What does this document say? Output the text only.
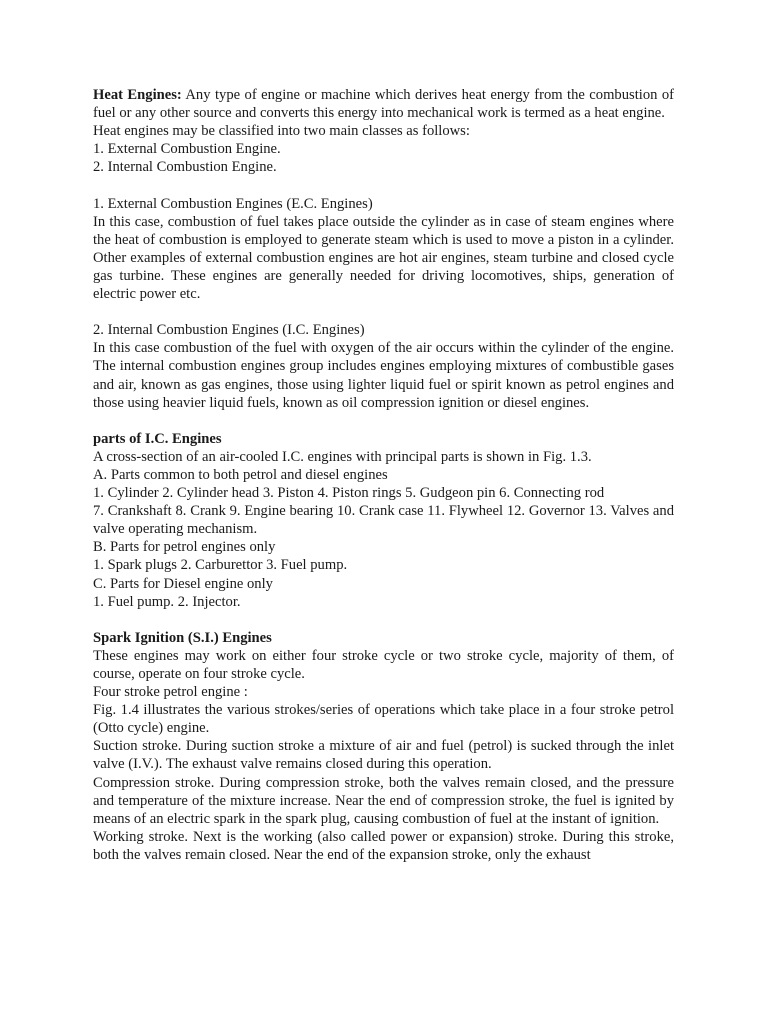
Heat Engines: Any type of engine or machine which derives heat energy from the combustion of fuel or any other source and converts this energy into mechanical work is termed as a heat engine.

Heat engines may be classified into two main classes as follows:

1. External Combustion Engine.

2. Internal Combustion Engine.

1. External Combustion Engines (E.C. Engines)

In this case, combustion of fuel takes place outside the cylinder as in case of steam engines where the heat of combustion is employed to generate steam which is used to move a piston in a cylinder. Other examples of external combustion engines are hot air engines, steam turbine and closed cycle gas turbine. These engines are generally needed for driving locomotives, ships, generation of electric power etc.

2. Internal Combustion Engines (I.C. Engines)

In this case combustion of the fuel with oxygen of the air occurs within the cylinder of the engine. The internal combustion engines group includes engines employing mixtures of combustible gases and air, known as gas engines, those using lighter liquid fuel or spirit known as petrol engines and those using heavier liquid fuels, known as oil compression ignition or diesel engines.

parts of I.C. Engines

A cross-section of an air-cooled I.C. engines with principal parts is shown in Fig. 1.3.

A. Parts common to both petrol and diesel engines

1. Cylinder 2. Cylinder head 3. Piston 4. Piston rings 5. Gudgeon pin 6. Connecting rod

7. Crankshaft 8. Crank 9. Engine bearing 10. Crank case 11. Flywheel 12. Governor 13. Valves and valve operating mechanism.

B. Parts for petrol engines only

1. Spark plugs 2. Carburettor 3. Fuel pump.

C. Parts for Diesel engine only

1. Fuel pump. 2. Injector.

Spark Ignition (S.I.) Engines

These engines may work on either four stroke cycle or two stroke cycle, majority of them, of course, operate on four stroke cycle.

Four stroke petrol engine :

Fig. 1.4 illustrates the various strokes/series of operations which take place in a four stroke petrol (Otto cycle) engine.

Suction stroke. During suction stroke a mixture of air and fuel (petrol) is sucked through the inlet valve (I.V.). The exhaust valve remains closed during this operation.

Compression stroke. During compression stroke, both the valves remain closed, and the pressure and temperature of the mixture increase. Near the end of compression stroke, the fuel is ignited by means of an electric spark in the spark plug, causing combustion of fuel at the instant of ignition.

Working stroke. Next is the working (also called power or expansion) stroke. During this stroke, both the valves remain closed. Near the end of the expansion stroke, only the exhaust
